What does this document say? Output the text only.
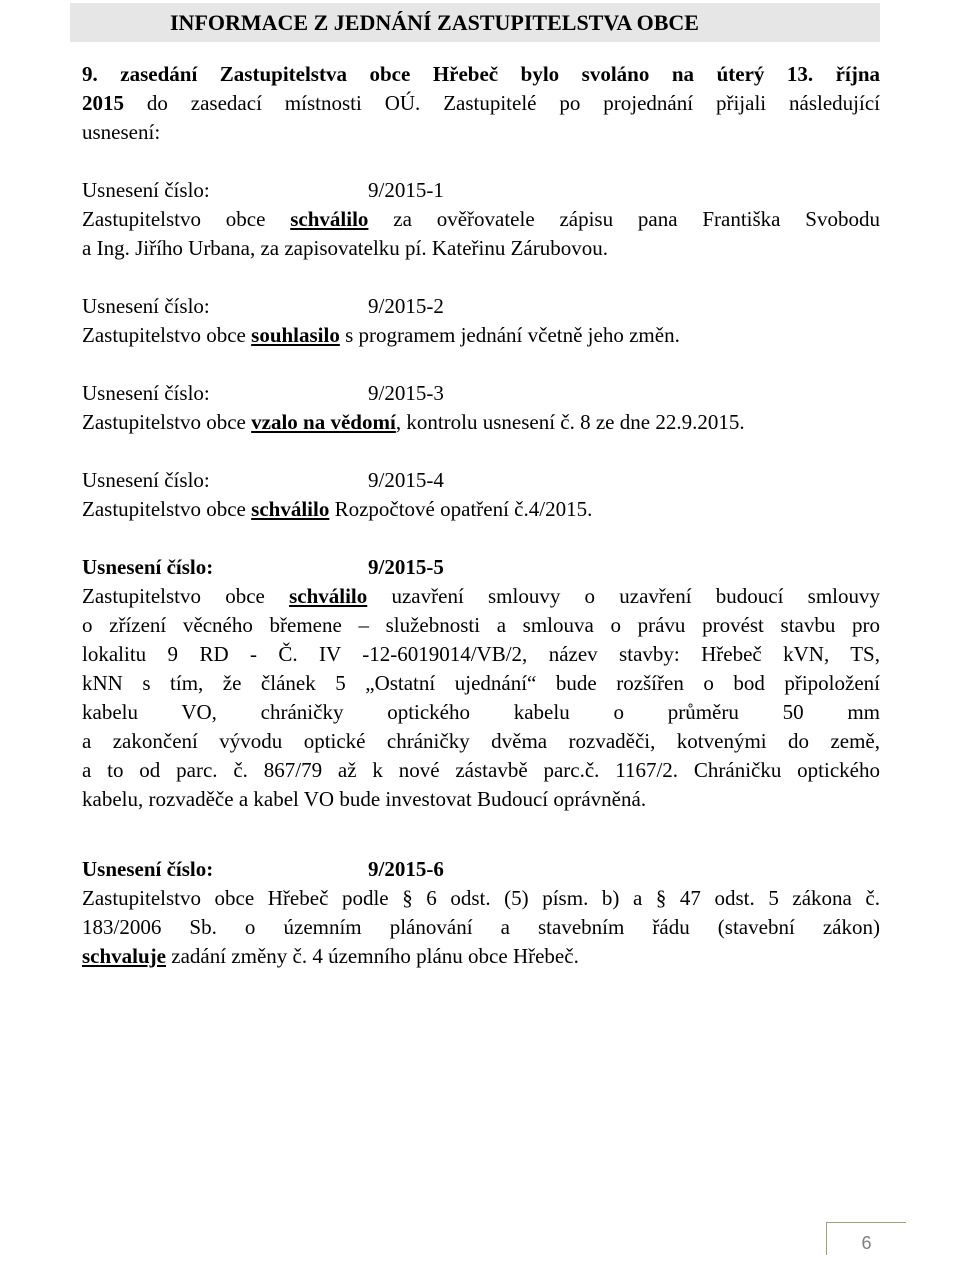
INFORMACE Z JEDNÁNÍ ZASTUPITELSTVA OBCE
9. zasedání Zastupitelstva obce Hřebeč bylo svoláno na úterý 13. října
2015 do zasedací místnosti OÚ. Zastupitelé po projednání přijali následující
usnesení:
Usnesení číslo:	9/2015-1
Zastupitelstvo obce schválilo za ověřovatele zápisu pana Františka Svobodu
a Ing. Jiřího Urbana, za zapisovatelku pí. Kateřinu Zárubovou.
Usnesení číslo:	9/2015-2
Zastupitelstvo obce souhlasilo s programem jednání včetně jeho změn.
Usnesení číslo:	9/2015-3
Zastupitelstvo obce vzalo na vědomí, kontrolu usnesení č. 8 ze dne 22.9.2015.
Usnesení číslo:	9/2015-4
Zastupitelstvo obce schválilo Rozpočtové opatření č.4/2015.
Usnesení číslo:	9/2015-5
Zastupitelstvo obce schválilo uzavření smlouvy o uzavření budoucí smlouvy
o zřízení věcného břemene – služebnosti a smlouva o právu provést stavbu pro
lokalitu 9 RD - Č. IV -12-6019014/VB/2, název stavby: Hřebeč kVN, TS,
kNN s tím, že článek 5 „Ostatní ujednání“ bude rozšířen o bod připoložení
kabelu VO, chráničky optického kabelu o průměru 50 mm
a zakončení vývodu optické chráničky dvěma rozvaděči, kotvenými do země,
a to od parc. č. 867/79 až k nové zástavbě parc.č. 1167/2. Chráničku optického
kabelu, rozvaděče a kabel VO bude investovat Budoucí oprávněná.
Usnesení číslo:	9/2015-6
Zastupitelstvo obce Hřebeč podle § 6 odst. (5) písm. b) a § 47 odst. 5 zákona č.
183/2006 Sb. o územním plánování a stavebním řádu (stavební zákon)
schvaluje zadání změny č. 4 územního plánu obce Hřebeč.
6
